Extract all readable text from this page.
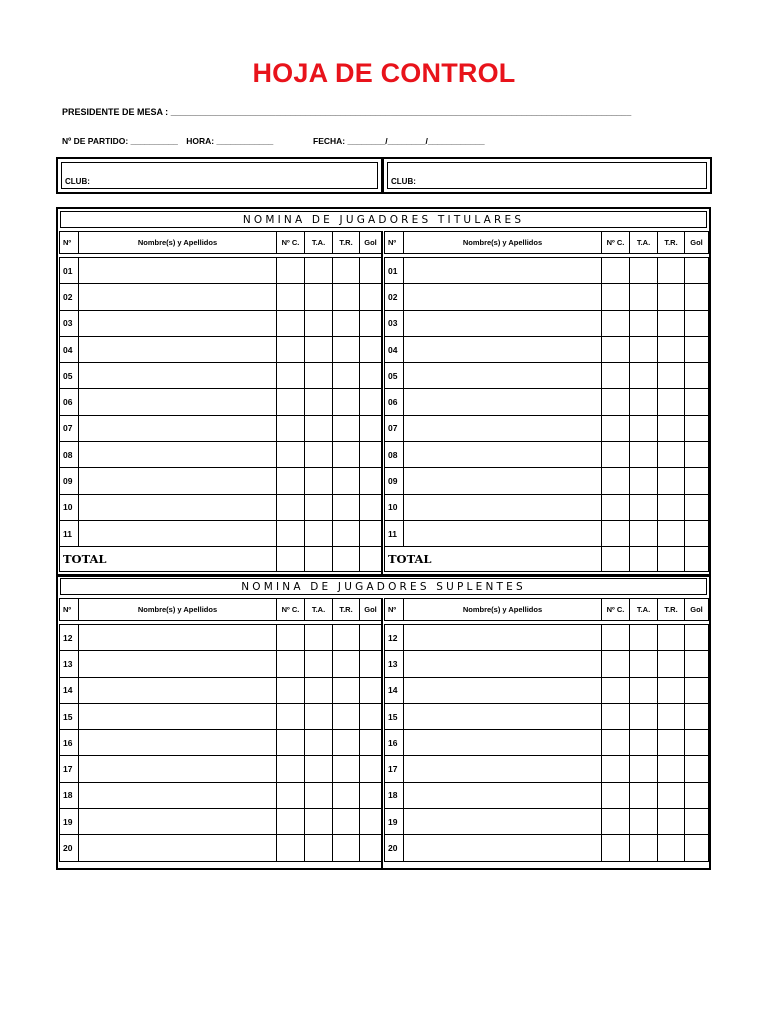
HOJA DE CONTROL
PRESIDENTE DE MESA : ____________________________________________________________________________________________
Nº DE PARTIDO: __________ HORA: ____________	FECHA: ________/________/____________
CLUB:	CLUB:
NOMINA DE JUGADORES TITULARES
NOMINA DE JUGADORES SUPLENTES
Nº	Nombre(s) y Apellidos	Nº C.	T.A.	T.R.	Gol

01					
02					
03					
04					
05					
06					
07					
08					
09					
10					
11					
TOTAL					
Nº	Nombre(s) y Apellidos	Nº C.	T.A.	T.R.	Gol

01					
02					
03					
04					
05					
06					
07					
08					
09					
10					
11					
TOTAL					
Nº	Nombre(s) y Apellidos	Nº C.	T.A.	T.R.	Gol

12					
13					
14					
15					
16					
17					
18					
19					
20					
Nº	Nombre(s) y Apellidos	Nº C.	T.A.	T.R.	Gol

12					
13					
14					
15					
16					
17					
18					
19					
20					
